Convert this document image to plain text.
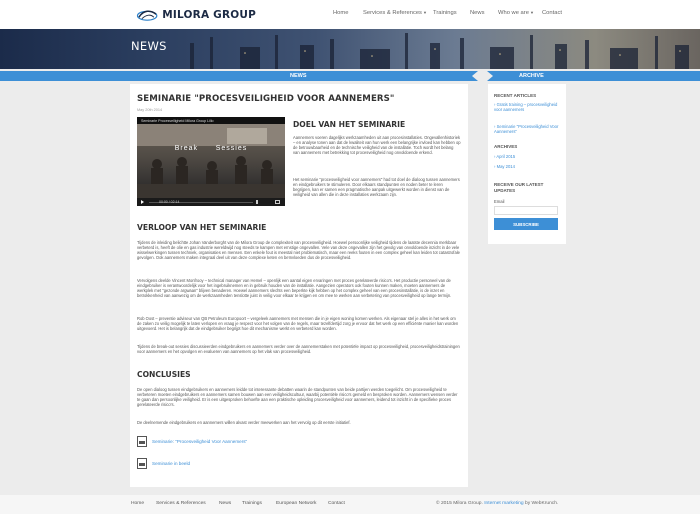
MILORA GROUP	Home	Services & References▼ Trainings News Who we are▼ Contact
NEWS
NEWS	ARCHIVE
SEMINARIE "PROCESVEILIGHEID VOOR AANNEMERS"
May 20th 2014
Seminarie Procesveiligheid Milora Group Lillo
Break	Sessies
00:00 / 02:14
DOEL VAN HET SEMINARIE

Aannemers voeren dagelijks werkzaamheden uit aan procesinstallaties. Ongevallenhistoriek – en analyse tonen aan dat de kwaliteit van hun werk een belangrijke invloed kan hebben op de betrouwbaarheid en de technische veiligheid van de installatie. Toch wordt het belang van aannemers met betrekking tot procesveiligheid nog onvoldoende erkend.

Het seminarie "procesveiligheid voor aannemers" had tot doel de dialoog tussen aannemers en eindgebruikers te stimuleren. Door elkaars standpunten en noden beter te leren begrijpen, kan er samen een pragmatische aanpak uitgewerkt worden in dienst van de veiligheid van allen die in deze installaties werkzaam zijn.

VERLOOP VAN HET SEMINARIE

Tijdens de inleiding belichtte Johan Vanderborght van de Milora Group de complexiteit van procesveiligheid. Hoewel persoonlijke veiligheid tijdens de laatste decennia merkbaar verbeterd is, heeft de olie en gas industrie wereldwijd nog steeds te kampen met ernstige ongevallen. Vele van deze ongevallen zijn het gevolg van onvoldoende inzicht in de vele wisselwerkingen tussen techniek, organisaties en mensen. Een enkele fout is meestal niet problematisch, maar een reeks fouten in een complex geheel kan leiden tot catastrofale gevolgen. Ook aannemers maken integraal deel uit van deze complexe keten en beïnvloeden dus de procesveiligheid.

Vervolgens deelde Vincent Monfrooy – technical manager van Hemel – openlijk een aantal eigen ervaringen met proces gerelateerde risico's. Het productie personeel van de eindgebruiker is verantwoordelijk voor het ingebruiknemen en in gebruik houden van de installatie. Aangezien operators ook fouten kunnen maken, moeten aannemers de werkplek met "gezonde argwaan" blijven benaderen. Hoewel aannemers slechts een beperkte kijk hebben op het complex geheel van een procesinstallatie, is de inzet en betrokkenheid van aanwezig om de werkzaamheden tenslotte juist in veilig voor elkaar te krijgen en om mee te werken aan verbetering van procesveiligheid op lange termijn.

Rob Oost – preventie adviseur van QB Petroleum Europoort – vergeleek aannemers met mensen die in je eigen woning komen werken. Als eigenaar stel je alles in het werk om de zaken zo veilig mogelijk te laten verlopen en vraag je respect voor het volgen van de regels, maar tezelfdertijd zorg je ervoor dat het werk op een efficiënte manier kan worden uitgevoerd. Het is belangrijk dat de eindgebruiker begrijpt hoe dit mechanisme werkt en verbeterd kan worden.

Tijdens de break-out sessies discussieerden eindgebruikers en aannemers verder over de aannemerstaken met potentiële impact op procesveiligheid, procesveiligheidstrainingen voor aannemers en het opvolgen en evalueren van aannemers op het vlak van procesveiligheid.

CONCLUSIES

De open dialoog tussen eindgebruikers en aannemers leidde tot interessante debatten waarin de standpunten van beide partijen werden toegelicht. Om procesveiligheid te verbeteren moeten eindgebruikers en aannemers samen bouwen aan een veiligheidscultuur, waarbij potentiële risico's gemeld en besproken worden. Aannemers wensen verder te gaan dan persoonlijke veiligheid. Er is een uitgesproken behoefte aan een praktische opleiding procesveiligheid voor aannemers, leidend tot inzicht in de specifieke proces gerelateerde risico's.

De deelnemende eindgebruikers en aannemers willen alvast verder meewerken aan het vervolg op dit eerste initiatief.

Seminarie: "Procesveiligheid Voor Aannemers"
Seminarie in beeld
RECENT ARTICLES
› Gratis training – procesveiligheid voor aannemers
› Seminarie "Procesveiligheid Voor Aannemers"
ARCHIVES
› April 2015
› May 2014
RECEIVE OUR LATEST UPDATES
Email
SUBSCRIBE
Home Services & References	News Trainings	European Network Contact	© 2015 Milora Group. Internet marketing by WebKrunch.
